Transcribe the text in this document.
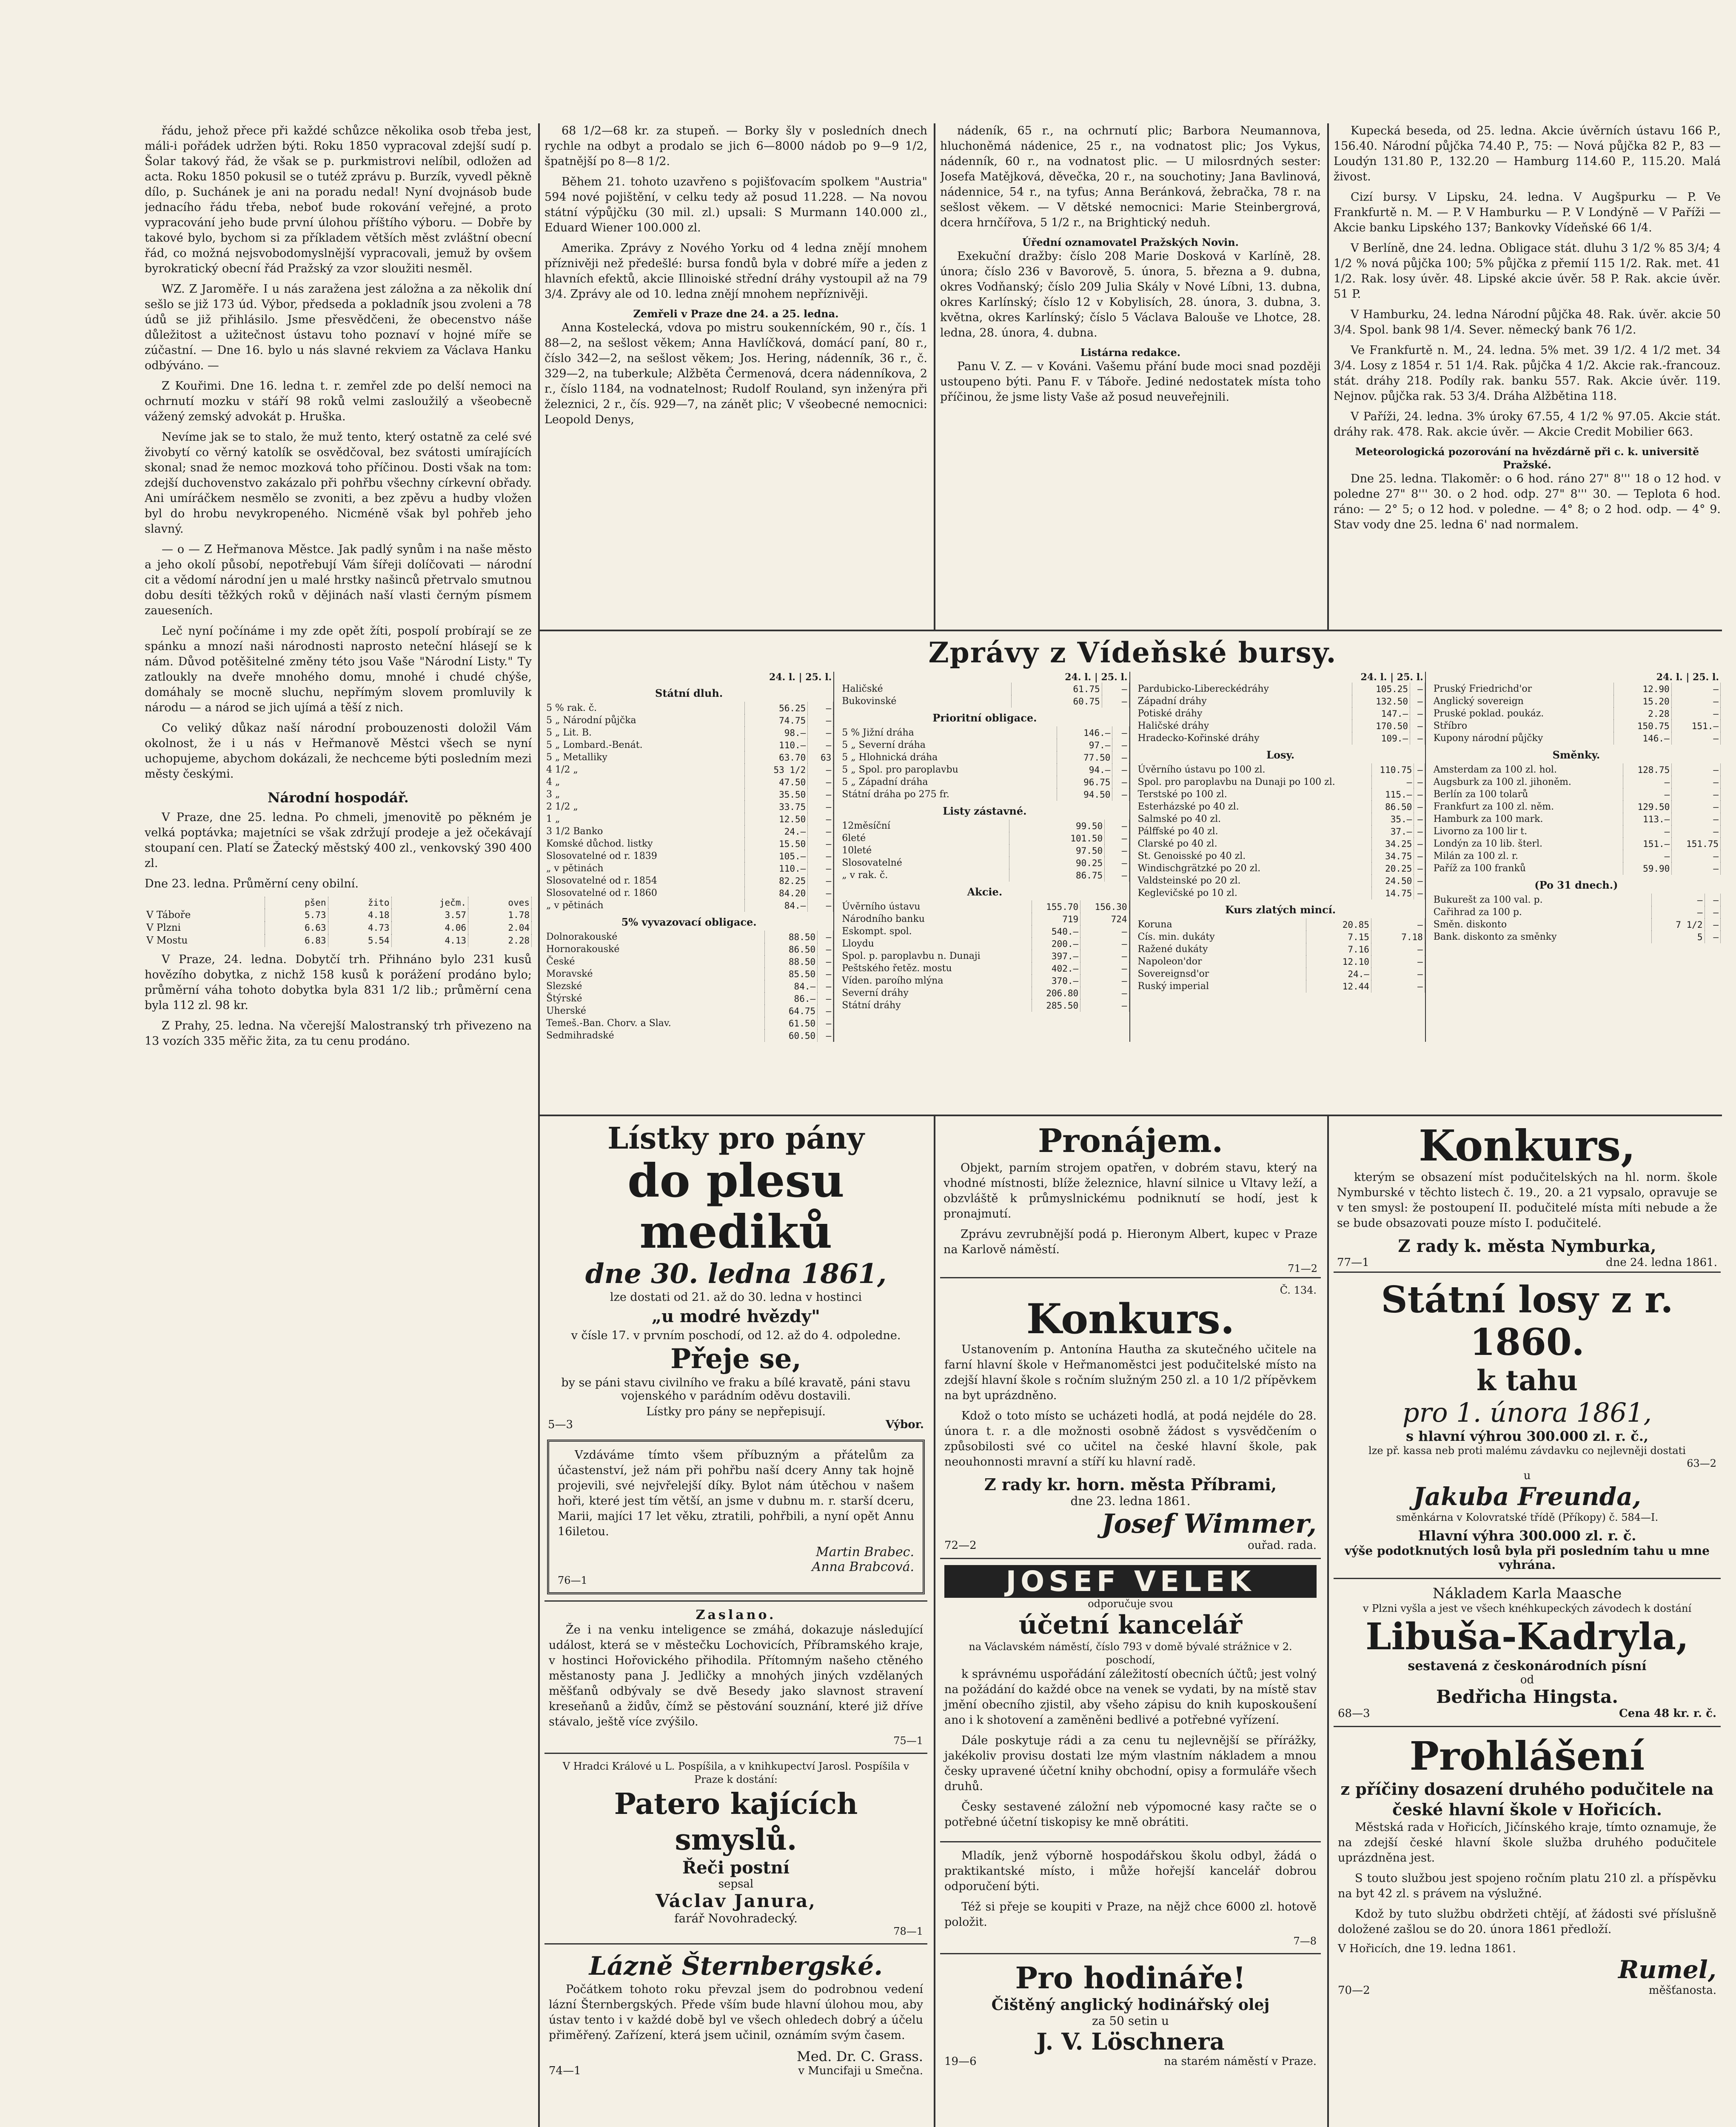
řádu, jehož přece při každé schůzce několika osob třeba jest, máli-i pořádek udržen býti. Roku 1850 vypracoval zdejší sudí p. Šolar takový řád, že však se p. purkmistrovi nelíbil, odložen ad acta. Roku 1850 pokusil se o tutéž zprávu p. Burzík, vyvedl pěkně dílo, p. Suchánek je ani na poradu nedal! Nyní dvojnásob bude jednacího řádu třeba, neboť bude rokování veřejné, a proto vypracování jeho bude první úlohou příštího výboru. — Dobře by takové bylo, bychom si za příkladem větších měst zvláštní obecní řád, co možná nejsvobodomyslnější vypracovali, jemuž by ovšem byrokratický obecní řád Pražský za vzor sloužiti nesměl.

WZ. Z Jaroměře. I u nás zaražena jest záložna a za několik dní sešlo se již 173 úd. Výbor, předseda a pokladník jsou zvoleni a 78 údů se již přihlásilo. Jsme přesvědčeni, že obecenstvo náše důležitost a užitečnost ústavu toho poznaví v hojné míře se zúčastní. — Dne 16. bylo u nás slavné rekviem za Václava Hanku odbýváno. —

Z Kouřimi. Dne 16. ledna t. r. zemřel zde po delší nemoci na ochrnutí mozku v stáří 98 roků velmi zasloužilý a všeobecně vážený zemský advokát p. Hruška.

Nevíme jak se to stalo, že muž tento, který ostatně za celé své živobytí co věrný katolík se osvědčoval, bez svátosti umírajících skonal; snad že nemoc mozková toho příčinou. Dosti však na tom: zdejší duchovenstvo zakázalo při pohřbu všechny církevní obřady. Ani umíráčkem nesmělo se zvoniti, a bez zpěvu a hudby vložen byl do hrobu nevykropeného. Nicméně však byl pohřeb jeho slavný.

— o — Z Heřmanova Městce. Jak padlý synům i na naše město a jeho okolí působí, nepotřebují Vám šířeji dolíčovati — národní cit a vědomí národní jen u malé hrstky našinců přetrvalo smutnou dobu desíti těžkých roků v dějinách naší vlasti černým písmem zaueseních.

Leč nyní počínáme i my zde opět žíti, pospolí probírají se ze spánku a mnozí naši národnosti naprosto neteční hlásejí se k nám. Důvod potěšitelné změny této jsou Vaše "Národní Listy." Ty zatloukly na dveře mnohého domu, mnohé i chudé chýše, domáhaly se mocně sluchu, nepřímým slovem promluvily k národu — a národ se jich ujímá a těší z nich.

Co veliký důkaz naší národní probouzenosti doložil Vám okolnost, že i u nás v Heřmanově Městci všech se nyní uchopujeme, abychom dokázali, že nechceme býti posledním mezi městy českými.

Národní hospodář.

V Praze, dne 25. ledna. Po chmeli, jmenovitě po pěkném je velká poptávka; majetníci se však zdržují prodeje a jež očekávají stoupaní cen. Platí se Žatecký městský 400 zl., venkovský 390 400 zl.

Dne 23. ledna. Průměrní ceny obilní.

	pšen	žito	ječm.	oves
V Táboře	5.73	4.18	3.57	1.78
V Plzni	6.63	4.73	4.06	2.04
V Mostu	6.83	5.54	4.13	2.28

V Praze, 24. ledna. Dobytčí trh. Přihnáno bylo 231 kusů hovězího dobytka, z nichž 158 kusů k porážení prodáno bylo; průměrní váha tohoto dobytka byla 831 1/2 lib.; průměrní cena byla 112 zl. 98 kr.

Z Prahy, 25. ledna. Na včerejší Malostranský trh přivezeno na 13 vozích 335 měřic žita, za tu cenu prodáno.

68 1/2—68 kr. za stupeň. — Borky šly v posledních dnech rychle na odbyt a prodalo se jich 6—8000 nádob po 9—9 1/2, špatnější po 8—8 1/2.

Během 21. tohoto uzavřeno s pojišťovacím spolkem "Austria" 594 nové pojištění, v celku tedy až posud 11.228. — Na novou státní výpůjčku (30 mil. zl.) upsali: S Murmann 140.000 zl., Eduard Wiener 100.000 zl.

Amerika. Zprávy z Nového Yorku od 4 ledna znějí mnohem příznivěji než předešlé: bursa fondů byla v dobré míře a jeden z hlavních efektů, akcie Illinoiské střední dráhy vystoupil až na 79 3/4. Zprávy ale od 10. ledna znějí mnohem nepříznivěji.

Zemřeli v Praze dne 24. a 25. ledna.

Anna Kostelecká, vdova po mistru soukenníckém, 90 r., čís. 1 88—2, na sešlost věkem; Anna Havlíčková, domácí paní, 80 r., číslo 342—2, na sešlost věkem; Jos. Hering, nádenník, 36 r., č. 329—2, na tuberkule; Alžběta Čermenová, dcera nádenníkova, 2 r., číslo 1184, na vodnatelnost; Rudolf Rouland, syn inženýra při železnici, 2 r., čís. 929—7, na zánět plic; V všeobecné nemocnici: Leopold Denys,

nádeník, 65 r., na ochrnutí plic; Barbora Neumannova, hluchoněmá nádenice, 25 r., na vodnatost plic; Jos Vykus, nádenník, 60 r., na vodnatost plic. — U milosrdných sester: Josefa Matějková, děvečka, 20 r., na souchotiny; Jana Bavlinová, nádennice, 54 r., na tyfus; Anna Beránková, žebračka, 78 r. na sešlost věkem. — V dětské nemocnici: Marie Steinbergrová, dcera hrnčířova, 5 1/2 r., na Brightický neduh.

Úřední oznamovatel Pražských Novin.

Exekuční dražby: číslo 208 Marie Dosková v Karlíně, 28. února; číslo 236 v Bavorově, 5. února, 5. března a 9. dubna, okres Vodňanský; číslo 209 Julia Skály v Nové Líbni, 13. dubna, okres Karlínský; číslo 12 v Kobylisích, 28. února, 3. dubna, 3. května, okres Karlínský; číslo 5 Václava Balouše ve Lhotce, 28. ledna, 28. února, 4. dubna.

Listárna redakce.

Panu V. Z. — v Kováni. Vašemu přání bude moci snad později ustoupeno býti. Panu F. v Táboře. Jediné nedostatek místa toho příčinou, že jsme listy Vaše až posud neuveřejnili.

Kupecká beseda, od 25. ledna. Akcie úvěrních ústavu 166 P., 156.40. Národní půjčka 74.40 P., 75: — Nová půjčka 82 P., 83 — Loudýn 131.80 P., 132.20 — Hamburg 114.60 P., 115.20. Malá živost.

Cizí bursy. V Lipsku, 24. ledna. V Augšpurku — P. Ve Frankfurtě n. M. — P. V Hamburku — P. V Londýně — V Paříži — Akcie banku Lipského 137; Bankovky Vídeňské 66 1/4.

V Berlíně, dne 24. ledna. Obligace stát. dluhu 3 1/2 % 85 3/4; 4 1/2 % nová půjčka 100; 5% půjčka z přemií 115 1/2. Rak. met. 41 1/2. Rak. losy úvěr. 48. Lipské akcie úvěr. 58 P. Rak. akcie úvěr. 51 P.

V Hamburku, 24. ledna Národní půjčka 48. Rak. úvěr. akcie 50 3/4. Spol. bank 98 1/4. Sever. německý bank 76 1/2.

Ve Frankfurtě n. M., 24. ledna. 5% met. 39 1/2. 4 1/2 met. 34 3/4. Losy z 1854 r. 51 1/4. Rak. půjčka 4 1/2. Akcie rak.-francouz. stát. dráhy 218. Podíly rak. banku 557. Rak. Akcie úvěr. 119. Nejnov. půjčka rak. 53 3/4. Dráha Alžbětina 118.

V Paříži, 24. ledna. 3% úroky 67.55, 4 1/2 % 97.05. Akcie stát. dráhy rak. 478. Rak. akcie úvěr. — Akcie Credit Mobilier 663.

Meteorologická pozorování na hvězdárně při c. k. universitě Pražské.

Dne 25. ledna. Tlakoměr: o 6 hod. ráno 27" 8''' 18 o 12 hod. v poledne 27" 8''' 30. o 2 hod. odp. 27" 8''' 30. — Teplota 6 hod. ráno: — 2° 5; o 12 hod. v poledne. — 4° 8; o 2 hod. odp. — 4° 9. Stav vody dne 25. ledna 6' nad normalem.

Zprávy z Vídeňské bursy.
24. l. | 25. l.
Státní dluh.
5 % rak. č.	56.25	—
5 „ Národní půjčka	74.75	—
5 „ Lit. B.	98.—	—
5 „ Lombard.-Benát.	110.—	—
5 „ Metalliky	63.70	63
4 1/2 „	53 1/2	—
4 „	47.50	—
3 „	35.50	—
2 1/2 „	33.75	—
1 „	12.50	—
3 1/2 Banko	24.—	—
Komské důchod. listky	15.50	—
Slosovatelné od r. 1839	105.—	—
„ v pětinách	110.—	—
Slosovatelné od r. 1854	82.25	—
Slosovatelné od r. 1860	84.20	—
„ v pětinách	84.—	—
5% vyvazovací obligace.
Dolnorakouské	88.50	—
Hornorakouské	86.50	—
České	88.50	—
Moravské	85.50	—
Slezské	84.—	—
Štýrské	86.—	—
Uherské	64.75	—
Temeš.-Ban. Chorv. a Slav.	61.50	—
Sedmihradské	60.50	—
24. l. | 25. l.
Haličské	61.75	—
Bukovinské	60.75	—
Prioritní obligace.
5 % Jižní dráha	146.—	—
5 „ Severní dráha	97.—	—
5 „ Hlohnická dráha	77.50	—
5 „ Spol. pro paroplavbu	94.—	—
5 „ Západní dráha	96.75	—
Státní dráha po 275 fr.	94.50	—
Listy zástavné.
12měsíční	99.50	—
6leté	101.50	—
10leté	97.50	—
Slosovatelné	90.25	—
„ v rak. č.	86.75	—
Akcie.
Úvěrního ústavu	155.70	156.30
Národního banku	719	724
Eskompt. spol.	540.—	—
Lloydu	200.—	—
Spol. p. paroplavbu n. Dunaji	397.—	—
Peštského řetěz. mostu	402.—	—
Víden. paroího mlýna	370.—	—
Severní dráhy	206.80	—
Státní dráhy	285.50	—
24. l. | 25. l.
Pardubicko-Libereckédráhy	105.25	—
Západní dráhy	132.50	—
Potiské dráhy	147.—	—
Haličské dráhy	170.50	—
Hradecko-Kořinské dráhy	109.—	—
Losy.
Úvěrního ústavu po 100 zl.	110.75	—
Spol. pro paroplavbu na Dunaji po 100 zl.	—	—
Terstské po 100 zl.	115.—	—
Esterházské po 40 zl.	86.50	—
Salmské po 40 zl.	35.—	—
Pálffské po 40 zl.	37.—	—
Clarské po 40 zl.	34.25	—
St. Genoisské po 40 zl.	34.75	—
Windischgrätzké po 20 zl.	20.25	—
Valdsteinské po 20 zl.	24.50	—
Keglevičské po 10 zl.	14.75	—
Kurs zlatých mincí.
Koruna	20.85	—
Cís. min. dukáty	7.15	7.18
Ražené dukáty	7.16	—
Napoleon'dor	12.10	—
Sovereignsd'or	24.—	—
Ruský imperial	12.44	—
24. l. | 25. l.
Pruský Friedrichd'or	12.90	—
Anglický sovereign	15.20	—
Pruské poklad. poukáz.	2.28	—
Stříbro	150.75	151.—
Kupony národní půjčky	146.—	—
Směnky.
Amsterdam za 100 zl. hol.	128.75	—
Augsburk za 100 zl. jihoněm.	—	—
Berlín za 100 tolarů	—	—
Frankfurt za 100 zl. něm.	129.50	—
Hamburk za 100 mark.	113.—	—
Livorno za 100 lir t.	—	—
Londýn za 10 lib. šterl.	151.—	151.75
Milán za 100 zl. r.	—	—
Paříž za 100 franků	59.90	—
(Po 31 dnech.)
Bukurešt za 100 val. p.	—	—
Cařihrad za 100 p.	—	—
Směn. diskonto	7 1/2	—
Bank. diskonto za směnky	5	—
Lístky pro pány
do plesu mediků
dne 30. ledna 1861,
lze dostati od 21. až do 30. ledna v hostinci
„u modré hvězdy"
v čísle 17. v prvním poschodí, od 12. až do 4. odpoledne.
Přeje se,
by se páni stavu civilního ve fraku a bílé kravatě, páni stavu vojenského v parádním oděvu dostavili.
Lístky pro pány se nepřepisují.
5—3	Výbor.

Vzdáváme tímto všem příbuzným a přátelům za účastenství, jež nám při pohřbu naší dcery Anny tak hojně projevili, své nejvřelejší díky. Bylot nám útěchou v našem hoři, které jest tím větší, an jsme v dubnu m. r. starší dceru, Marii, majíci 17 let věku, ztratili, pohřbili, a nyní opět Annu 16iletou.

Martin Brabec.
Anna Brabcová.
76—1
Zaslano.

Že i na venku inteligence se zmáhá, dokazuje následující událost, která se v městečku Lochovicích, Příbramského kraje, v hostinci Hořovického přihodila. Přítomným našeho ctěného městanosty pana J. Jedličky a mnohých jiných vzdělaných měšťanů odbývaly se dvě Besedy jako slavnost stravení kreseňanů a židův, čímž se pěstování souznání, které již dříve stávalo, ještě více zvýšilo.

75—1
V Hradci Králové u L. Pospíšila, a v knihkupectví Jarosl. Pospíšila v Praze k dostání:
Patero kajících smyslů.
Řeči postní
sepsal
Václav Janura,
farář Novohradecký.
78—1
Lázně Šternbergské.

Počátkem tohoto roku převzal jsem do podrobnou vedení lázní Šternbergských. Přede vším bude hlavní úlohou mou, aby ústav tento i v každé době byl ve všech ohledech dobrý a účelu přiměřený. Zařízení, která jsem učinil, oznámím svým časem.

Med. Dr. C. Grass.
74—1	v Muncifaji u Smečna.
Pronájem.

Objekt, parním strojem opatřen, v dobrém stavu, který na vhodné místnosti, blíže železnice, hlavní silnice u Vltavy leží, a obzvláště k průmyslnickému podniknutí se hodí, jest k pronajmutí.

Zprávu zevrubnější podá p. Hieronym Albert, kupec v Praze na Karlově náměstí.

71—2
Č. 134.
Konkurs.

Ustanovením p. Antonína Hautha za skutečného učitele na farní hlavní škole v Heřmanoměstci jest podučitelské místo na zdejší hlavní škole s ročním služným 250 zl. a 10 1/2 přípěvkem na byt uprázdněno.

Kdož o toto místo se ucházeti hodlá, at podá nejdéle do 28. února t. r. a dle možnosti osobně žádost s vysvědčením o způsobilosti své co učitel na české hlavní škole, pak neouhonnosti mravní a stíří ku hlavní radě.

Z rady kr. horn. města Příbrami,
dne 23. ledna 1861.
Josef Wimmer,
72—2	ouřad. rada.
JOSEF VELEK
odporučuje svou
účetní kancelář
na Václavském náměstí, číslo 793 v domě bývalé strážnice v 2. poschodí,

k správnému uspořádání záležitostí obecních účtů; jest volný na požádání do každé obce na venek se vydati, by na místě stav jmění obecního zjistil, aby všeho zápisu do knih kuposkoušení ano i k shotovení a zaměněni bedlivé a potřebné vyřízení.

Dále poskytuje rádi a za cenu tu nejlevnější se přírážky, jakékoliv provisu dostati lze mým vlastním nákladem a mnou česky upravené účetní knihy obchodní, opisy a formuláře všech druhů.

Česky sestavené záložní neb výpomocné kasy račte se o potřebné účetní tiskopisy ke mně obrátiti.

Mladík, jenž výborně hospodářskou školu odbyl, žádá o praktikantské místo, i může hořejší kancelář dobrou odporučení býti.

Též si přeje se koupiti v Praze, na nějž chce 6000 zl. hotově položit.

7—8
Pro hodináře!
Čištěný anglický hodinářský olej
za 50 setin u
J. V. Löschnera
19—6	na starém náměstí v Praze.
Konkurs,

kterým se obsazení míst podučitelských na hl. norm. škole Nymburské v těchto listech č. 19., 20. a 21 vypsalo, opravuje se v ten smysl: že postoupení II. podučitelé místa míti nebude a že se bude obsazovati pouze místo I. podučitelé.

Z rady k. města Nymburka,
77—1	dne 24. ledna 1861.
Státní losy z r. 1860.
k tahu
pro 1. února 1861,
s hlavní výhrou 300.000 zl. r. č.,
lze př. kassa neb proti malému závdavku co nejlevněji dostati
63—2
u
Jakuba Freunda,
směnkárna v Kolovratské třídě (Příkopy) č. 584—I.
Hlavní výhra 300.000 zl. r. č.
výše podotknutých losů byla při posledním tahu u mne vyhrána.
Nákladem Karla Maasche
v Plzni vyšla a jest ve všech knéhkupeckých závodech k dostání
Libuša-Kadryla,
sestavená z českonárodních písní
od
Bedřicha Hingsta.
68—3	Cena 48 kr. r. č.
Prohlášení
z příčiny dosazení druhého podučitele na české hlavní škole v Hořicích.

Městská rada v Hořicích, Jičínského kraje, tímto oznamuje, že na zdejší české hlavní škole služba druhého podučitele uprázdněna jest.

S touto službou jest spojeno ročním platu 210 zl. a příspěvku na byt 42 zl. s právem na výslužné.

Kdož by tuto službu obdržeti chtějí, ať žádosti své příslušně doložené zašlou se do 20. února 1861 předloží.

V Hořicích, dne 19. ledna 1861.
Rumel,
70—2	měšťanosta.
